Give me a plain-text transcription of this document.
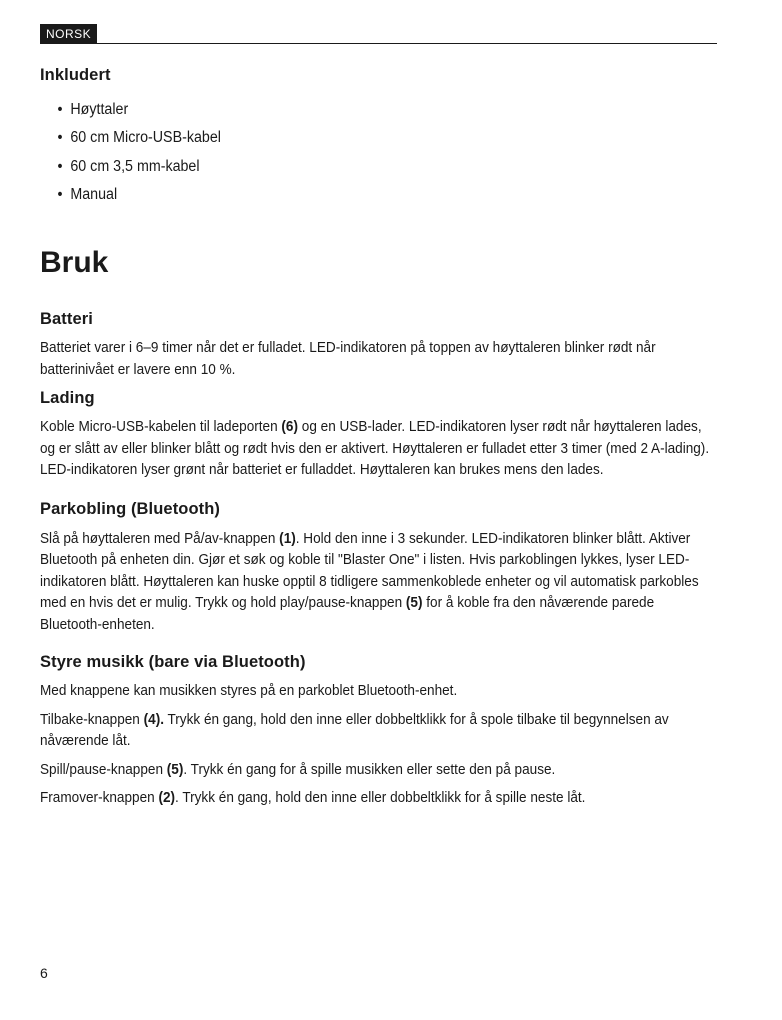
NORSK
Inkludert
• Høyttaler
• 60 cm Micro-USB-kabel
• 60 cm 3,5 mm-kabel
• Manual
Bruk
Batteri

Batteriet varer i 6–9 timer når det er fulladet. LED-indikatoren på toppen av høyttaleren blinker rødt når batterinivået er lavere enn 10 %.

Lading

Koble Micro-USB-kabelen til ladeporten (6) og en USB-lader. LED-indikatoren lyser rødt når høyttaleren lades, og er slått av eller blinker blått og rødt hvis den er aktivert. Høyttaleren er fulladet etter 3 timer (med 2 A-lading). LED-indikatoren lyser grønt når batteriet er fulladdet. Høyttaleren kan brukes mens den lades.

Parkobling (Bluetooth)

Slå på høyttaleren med På/av-knappen (1). Hold den inne i 3 sekunder. LED-indikatoren blinker blått. Aktiver Bluetooth på enheten din. Gjør et søk og koble til "Blaster One" i listen. Hvis parkoblingen lykkes, lyser LED-indikatoren blått. Høyttaleren kan huske opptil 8 tidligere sammenkoblede enheter og vil automatisk parkobles med en hvis det er mulig. Trykk og hold play/pause-knappen (5) for å koble fra den nåværende parede Bluetooth-enheten.

Styre musikk (bare via Bluetooth)

Med knappene kan musikken styres på en parkoblet Bluetooth-enhet.

Tilbake-knappen (4). Trykk én gang, hold den inne eller dobbeltklikk for å spole tilbake til begynnelsen av nåværende låt.

Spill/pause-knappen (5). Trykk én gang for å spille musikken eller sette den på pause.

Framover-knappen (2). Trykk én gang, hold den inne eller dobbeltklikk for å spille neste låt.

6
